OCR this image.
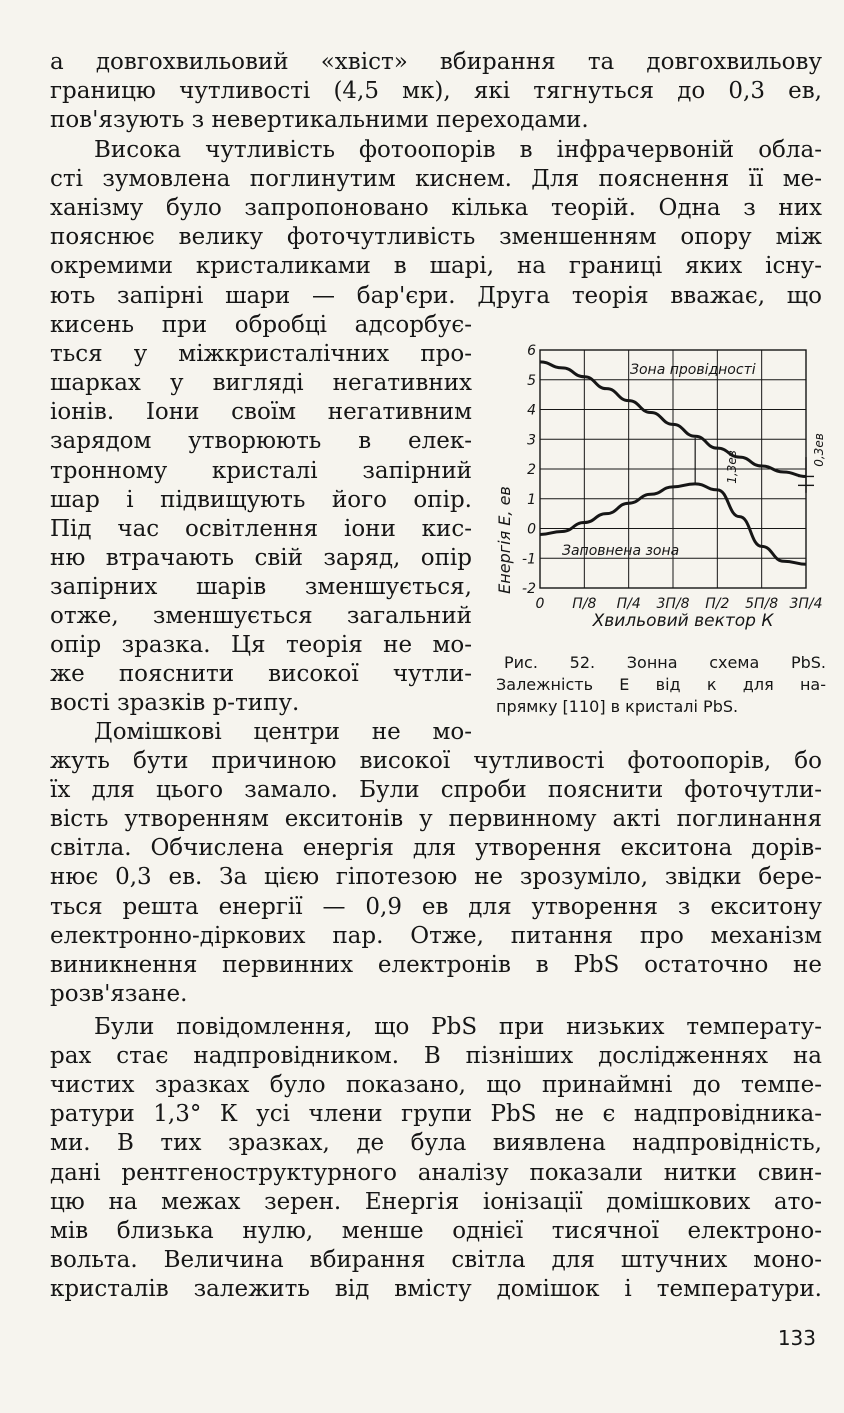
а довгохвильовий «хвіст» вбирання та довгохвильову
границю чутливості (4,5 мк), які тягнуться до 0,3 ев,
пов'язують з невертикальними переходами.
Висока чутливість фотоопорів в інфрачервоній обла-
сті зумовлена поглинутим киснем. Для пояснення її ме-
ханізму було запропоновано кілька теорій. Одна з них
пояснює велику фоточутливість зменшенням опору між
окремими кристаликами в шарі, на границі яких існу-
ють запірні шари — бар'єри. Друга теорія вважає, що
кисень при обробці адсорбує-
ться у міжкристалічних про-
шарках у вигляді негативних
іонів. Іони своїм негативним
зарядом утворюють в елек-
тронному кристалі запірний
шар і підвищують його опір.
Під час освітлення іони кис-
ню втрачають свій заряд, опір
запірних шарів зменшується,
отже, зменшується загальний
опір зразка. Ця теорія не мо-
же пояснити високої чутли-
вості зразків р-типу.
Домішкові центри не мо-
жуть бути причиною високої чутливості фотоопорів, бо
їх для цього замало. Були спроби пояснити фоточутли-
вість утворенням екситонів у первинному акті поглинання
світла. Обчислена енергія для утворення екситона дорів-
нює 0,3 ев. За цією гіпотезою не зрозуміло, звідки бере-
ться решта енергії — 0,9 ев для утворення з екситону
електронно-діркових пар. Отже, питання про механізм
виникнення первинних електронів в PbS остаточно не
розв'язане.
Були повідомлення, що PbS при низьких температу-
рах стає надпровідником. В пізніших дослідженнях на
чистих зразках було показано, що принаймні до темпе-
ратури 1,3° К усі члени групи PbS не є надпровідника-
ми. В тих зразках, де була виявлена надпровідність,
дані рентгеноструктурного аналізу показали нитки свин-
цю на межах зерен. Енергія іонізації домішкових ато-
мів близька нулю, менше однієї тисячної електроно-
вольта. Величина вбирання світла для штучних моно-
кристалів залежить від вмісту домішок і температури.
6
5
4
3
2
1
0
-1
-2
0 П/8 П/4 3П/8 П/2 5П/8 3П/4
Енергія E, ев
Хвильовий вектор К
Зона провідності
Заповнена зона
1,3ев
0,3ев
Рис. 52. Зонна схема PbS.
Залежність E від к для на-
прямку [110] в кристалі PbS.
133
